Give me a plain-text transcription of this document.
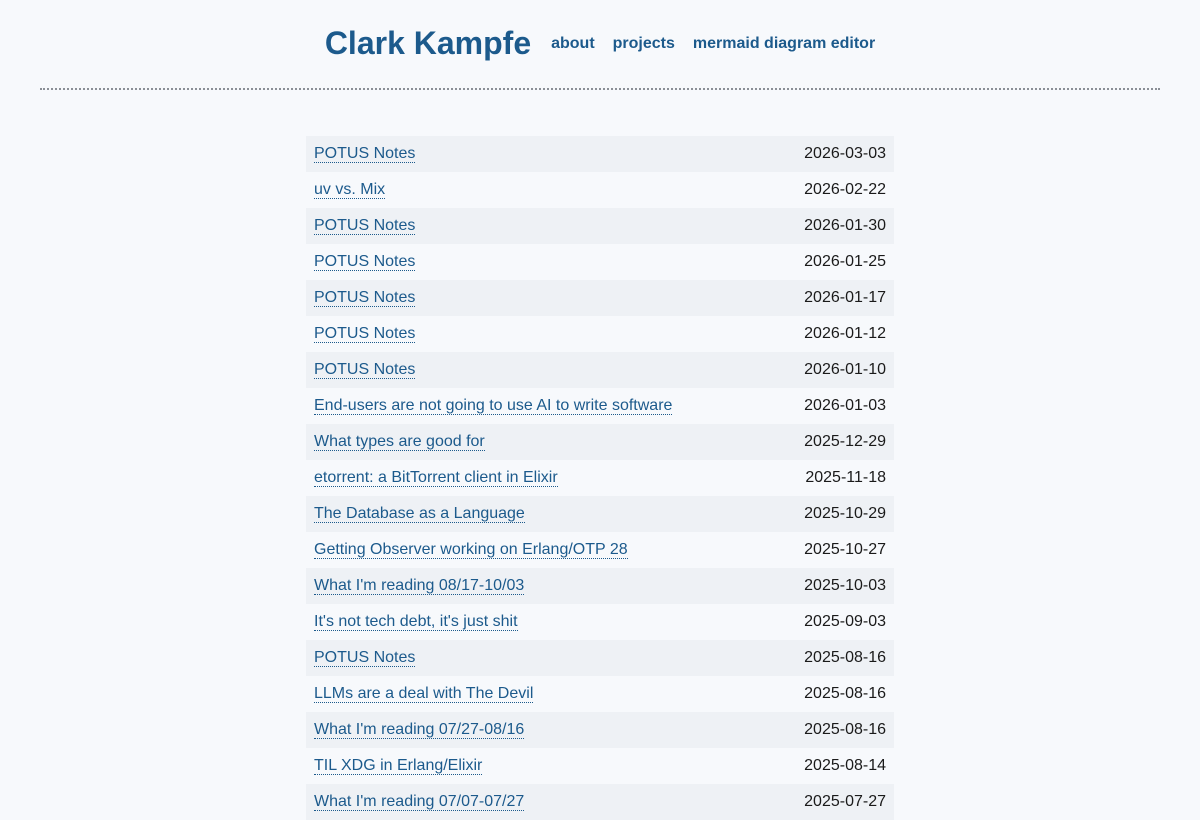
Clark Kampfe about projects mermaid diagram editor
POTUS Notes	2026-03-03
uv vs. Mix	2026-02-22
POTUS Notes	2026-01-30
POTUS Notes	2026-01-25
POTUS Notes	2026-01-17
POTUS Notes	2026-01-12
POTUS Notes	2026-01-10
End-users are not going to use AI to write software	2026-01-03
What types are good for	2025-12-29
etorrent: a BitTorrent client in Elixir	2025-11-18
The Database as a Language	2025-10-29
Getting Observer working on Erlang/OTP 28	2025-10-27
What I'm reading 08/17-10/03	2025-10-03
It's not tech debt, it's just shit	2025-09-03
POTUS Notes	2025-08-16
LLMs are a deal with The Devil	2025-08-16
What I'm reading 07/27-08/16	2025-08-16
TIL XDG in Erlang/Elixir	2025-08-14
What I'm reading 07/07-07/27	2025-07-27
